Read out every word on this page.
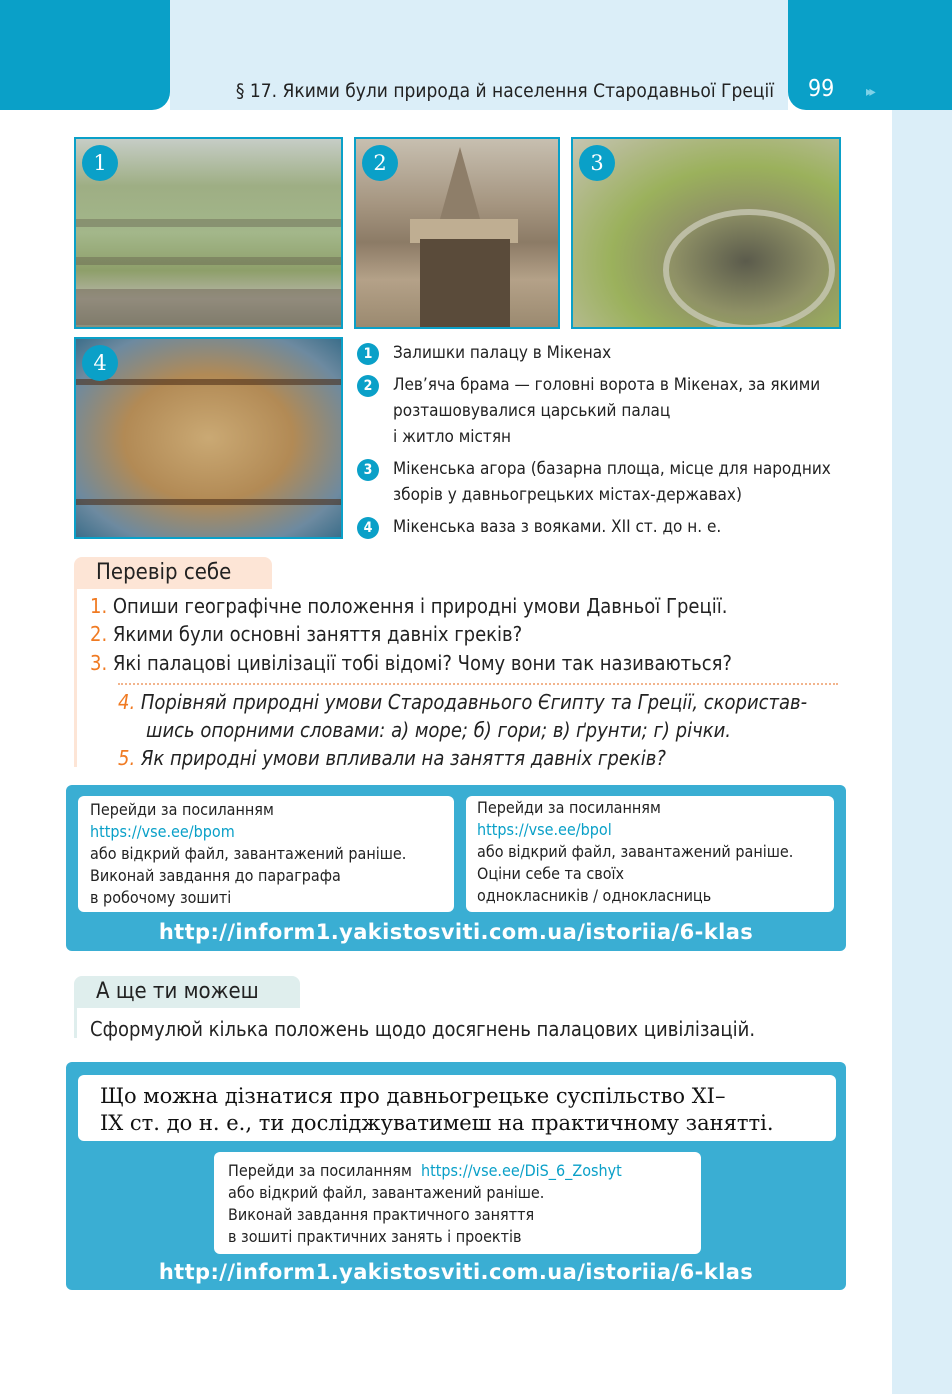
§ 17. Якими були природа й населення Стародавньої Греції 99	▸▸
1	2	3
4	1	Залишки палацу в Мікенах
2	Лев’яча брама — головні ворота в Мікенах, за якими
розташовувалися царський палац
і житло містян
3	Мікенська агора (базарна площа, місце для народних
зборів у давньогрецьких містах-державах)
4	Мікенська ваза з вояками. XII ст. до н. е.
Перевір себе
1. Опиши географічне положення і природні умови Давньої Греції.
2. Якими були основні заняття давніх греків?
3. Які палацові цивілізації тобі відомі? Чому вони так називаються?
4. Порівняй природні умови Стародавнього Єгипту та Греції, скористав-
шись опорними словами: а) море; б) гори; в) ґрунти; г) річки.
5. Як природні умови впливали на заняття давніх греків?
Перейди за посиланням
https://vse.ee/bpom
або відкрий файл, завантажений раніше.
Виконай завдання до параграфа
в робочому зошиті
Перейди за посиланням
https://vse.ee/bpol
або відкрий файл, завантажений раніше.
Оціни себе та своїх
однокласників / однокласниць
http://inform1.yakistosviti.com.ua/istoriia/6-klas
А ще ти можеш
Сформулюй кілька положень щодо досягнень палацових цивілізацій.
Що можна дізнатися про давньогрецьке суспільство XI–
IX ст. до н. е., ти досліджуватимеш на практичному занятті.
Перейди за посиланням https://vse.ee/DiS_6_Zoshyt
або відкрий файл, завантажений раніше.
Виконай завдання практичного заняття
в зошиті практичних занять і проектів
http://inform1.yakistosviti.com.ua/istoriia/6-klas
